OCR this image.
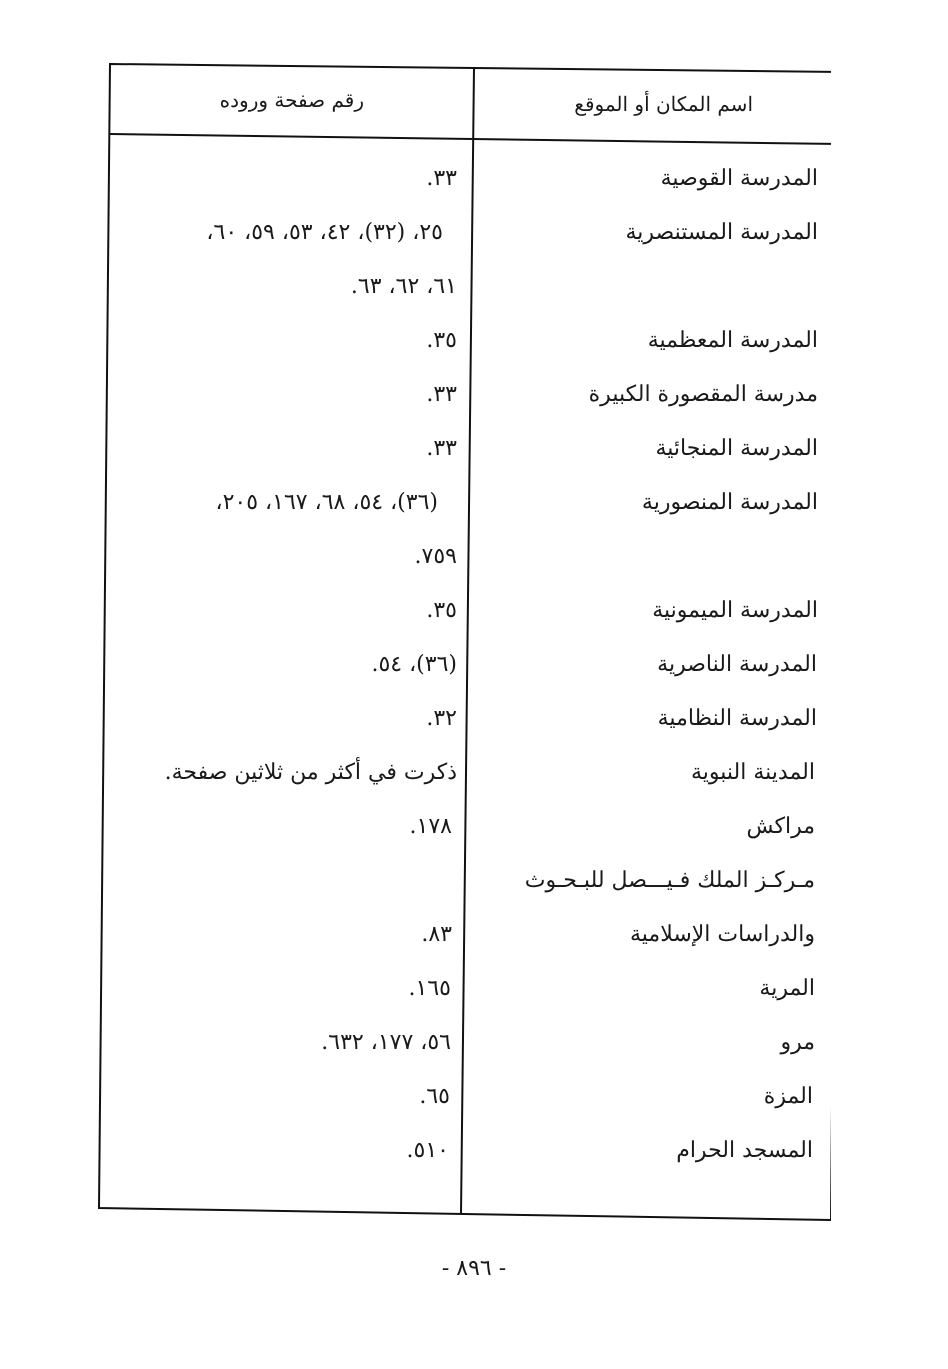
اسم المكان أو الموقع
رقم صفحة وروده
المدرسة القوصية
٣٣.
المدرسة المستنصرية
٢٥، (٣٢)، ٤٢، ٥٣، ٥٩، ٦٠،
٦١، ٦٢، ٦٣.
المدرسة المعظمية
٣٥.
مدرسة المقصورة الكبيرة
٣٣.
المدرسة المنجائية
٣٣.
المدرسة المنصورية
(٣٦)، ٥٤، ٦٨، ١٦٧، ٢٠٥،
٧٥٩.
المدرسة الميمونية
٣٥.
المدرسة الناصرية
(٣٦)، ٥٤.
المدرسة النظامية
٣٢.
المدينة النبوية
ذكرت في أكثر من ثلاثين صفحة.
مراكش
١٧٨.
مـركـز الملك فـيـــصل للبـحـوث
والدراسات الإسلامية
٨٣.
المرية
١٦٥.
مرو
٥٦، ١٧٧، ٦٣٢.
المزة
٦٥.
المسجد الحرام
٥١٠.
- ٨٩٦ -
